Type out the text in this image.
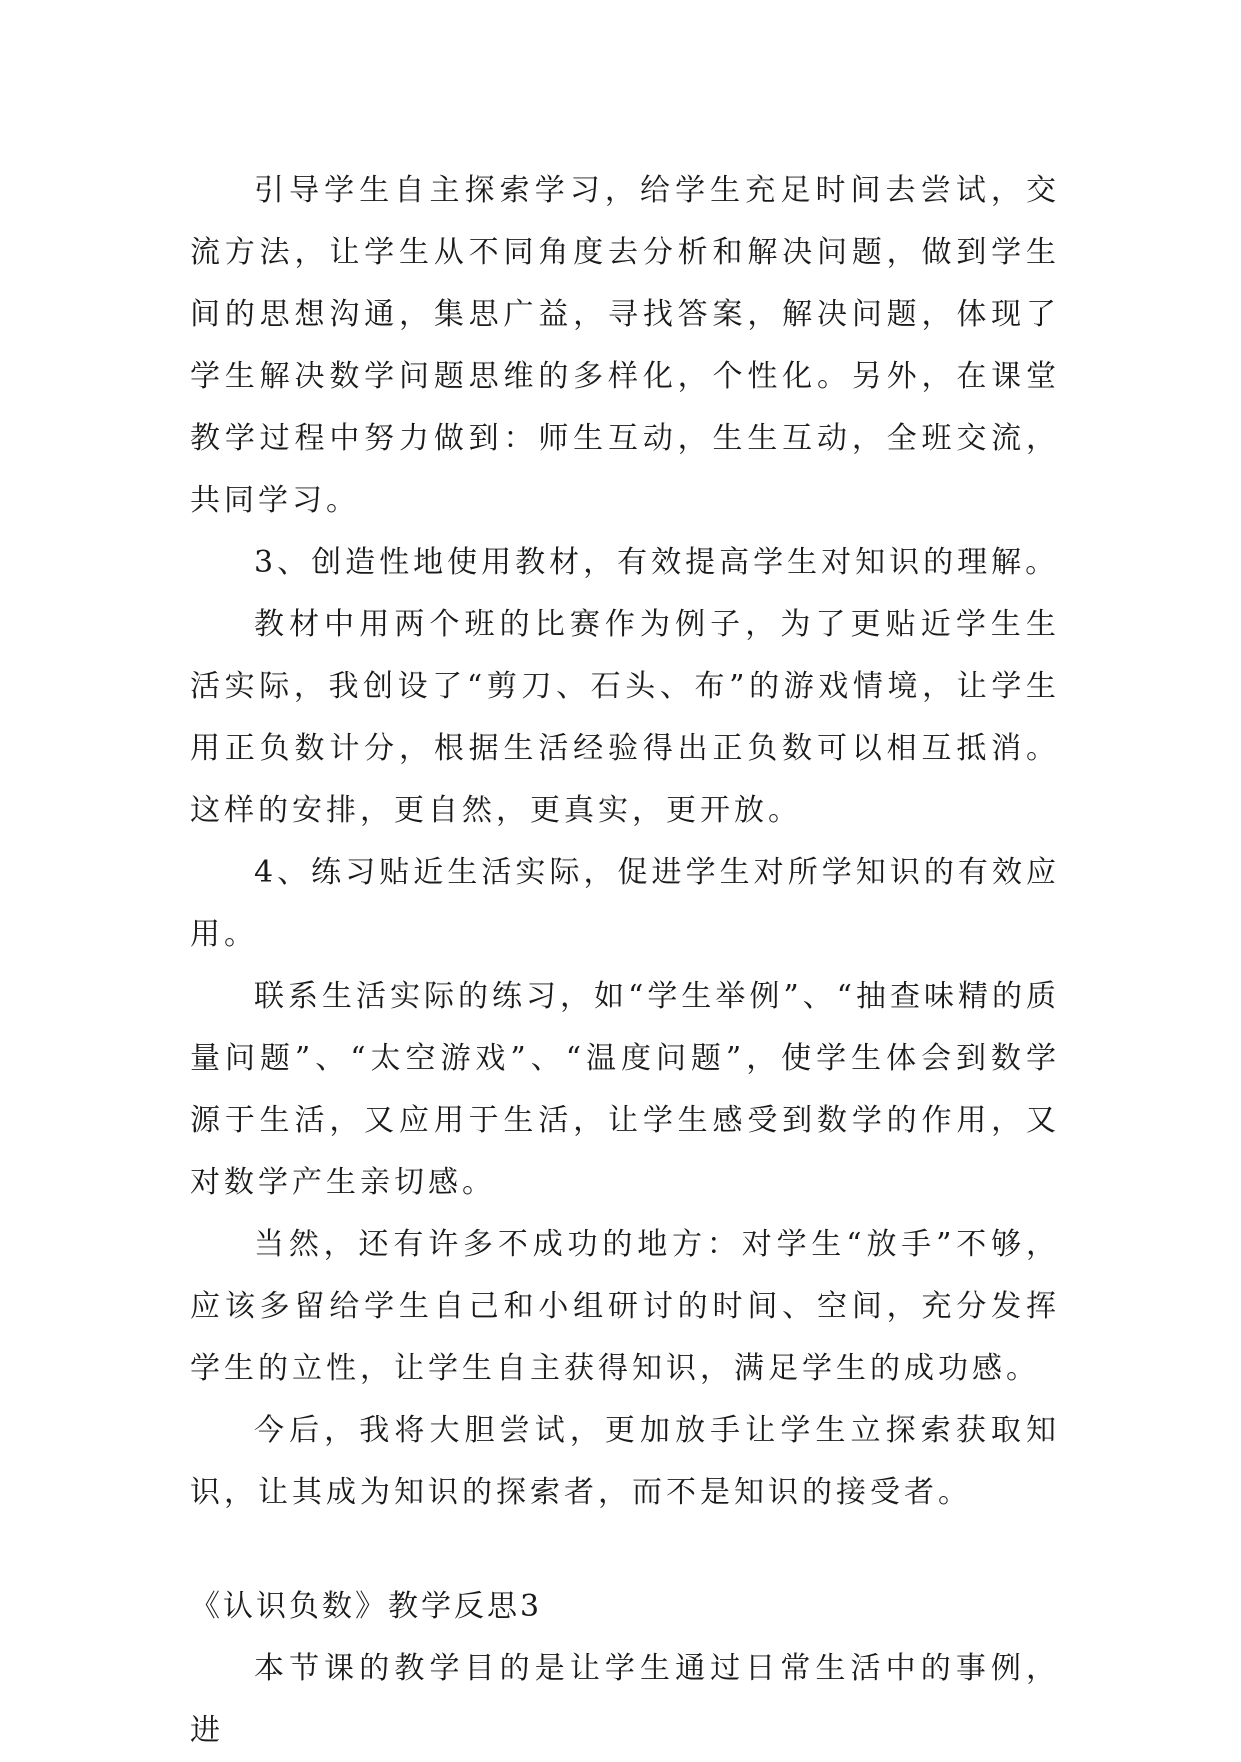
引导学生自主探索学习，给学生充足时间去尝试，交流方法，让学生从不同角度去分析和解决问题，做到学生间的思想沟通，集思广益，寻找答案，解决问题，体现了学生解决数学问题思维的多样化，个性化。另外，在课堂教学过程中努力做到：师生互动，生生互动，全班交流，共同学习。

3、创造性地使用教材，有效提高学生对知识的理解。

教材中用两个班的比赛作为例子，为了更贴近学生生活实际，我创设了“剪刀、石头、布”的游戏情境，让学生用正负数计分，根据生活经验得出正负数可以相互抵消。这样的安排，更自然，更真实，更开放。

4、练习贴近生活实际，促进学生对所学知识的有效应用。

联系生活实际的练习，如“学生举例”、“抽查味精的质量问题”、“太空游戏”、“温度问题”，使学生体会到数学源于生活，又应用于生活，让学生感受到数学的作用，又对数学产生亲切感。

当然，还有许多不成功的地方：对学生“放手”不够，应该多留给学生自己和小组研讨的时间、空间，充分发挥学生的立性，让学生自主获得知识，满足学生的成功感。

今后，我将大胆尝试，更加放手让学生立探索获取知识，让其成为知识的探索者，而不是知识的接受者。

《认识负数》教学反思3

本节课的教学目的是让学生通过日常生活中的事例，进
